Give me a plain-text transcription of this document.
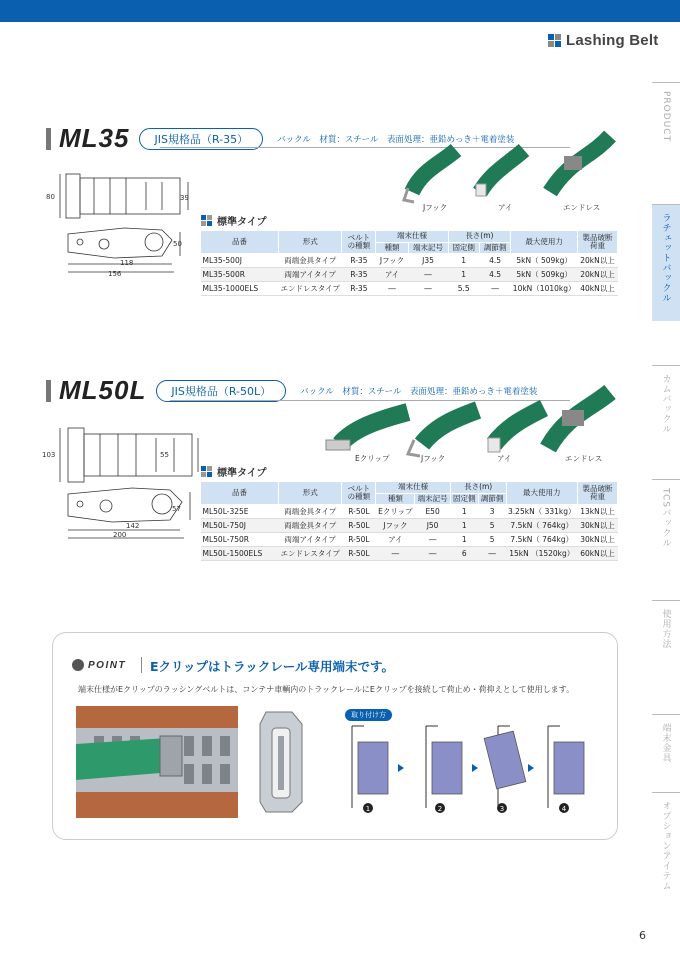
Lashing Belt
PRODUCT
ラチェットバックル
カムバックル
TCSバックル
使用方法
端末金具
オプションアイテム
ML35	JIS規格品（R-35）	バックル　材質：スチール　表面処理：亜鉛めっき＋電着塗装
80	39
118
156
50
Jフック	アイ	エンドレス
標準タイプ
品番	形式	ベルトの種類	端末仕様		長さ(m)		最大使用力	製品破断荷重
			種類	端末記号	固定側	調節側		
ML35-500J	両端金具タイプ	R-35	Jフック	J35	1	4.5	5kN（ 509kg）	20kN以上
ML35-500R	両端アイタイプ	R-35	アイ	―	1	4.5	5kN（ 509kg）	20kN以上
ML35-1000ELS	エンドレスタイプ	R-35	―	―	5.5	―	10kN（1010kg）	40kN以上
ML50L	JIS規格品（R-50L）	バックル　材質：スチール　表面処理：亜鉛めっき＋電着塗装
103	55
142
200
57
Eクリップ	Jフック	アイ	エンドレス
標準タイプ
品番	形式	ベルトの種類	端末仕様		長さ(m)		最大使用力	製品破断荷重
			種類	端末記号	固定側	調節側		
ML50L-325E	両端金具タイプ	R-50L	Eクリップ	E50	1	3	3.25kN（ 331kg）	13kN以上
ML50L-750J	両端金具タイプ	R-50L	Jフック	J50	1	5	7.5kN（ 764kg）	30kN以上
ML50L-750R	両端アイタイプ	R-50L	アイ	―	1	5	7.5kN（ 764kg）	30kN以上
ML50L-1500ELS	エンドレスタイプ	R-50L	―	―	6	―	15kN （1520kg）	60kN以上
POINT Eクリップはトラックレール専用端末です。
端末仕様がEクリップのラッシングベルトは、コンテナ車輌内のトラックレールにEクリップを接続して荷止め・荷抑えとして使用します。
取り付け方
1	2	3	4
6
